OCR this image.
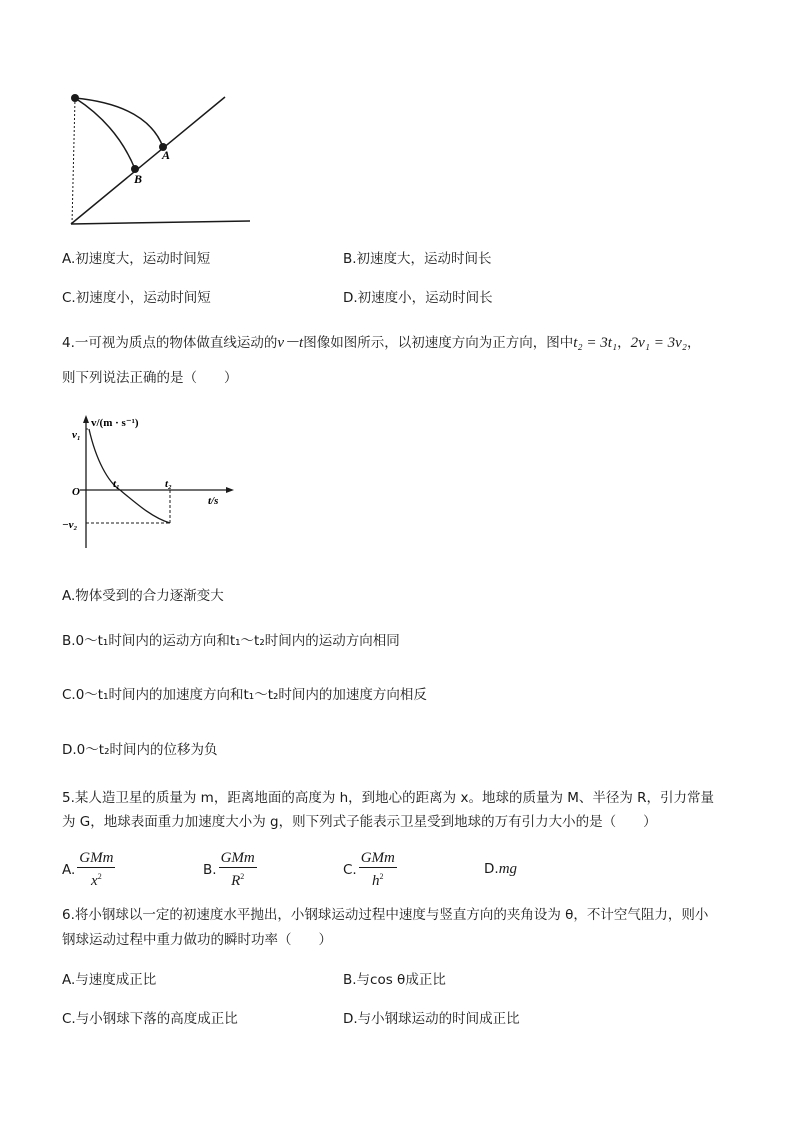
A
B
A.初速度大，运动时间短	B.初速度大，运动时间长
C.初速度小，运动时间短	D.初速度小，运动时间长
4.一可视为质点的物体做直线运动的v－t图像如图所示，以初速度方向为正方向，图中t₂ = 3t₁，2v₁ = 3v₂，
则下列说法正确的是（　　）
v/(m · s⁻¹)
v₁
O
t₁	t₂
t/s
−v₂
A.物体受到的合力逐渐变大
B.0～t₁时间内的运动方向和t₁～t₂时间内的运动方向相同
C.0～t₁时间内的加速度方向和t₁～t₂时间内的加速度方向相反
D.0～t₂时间内的位移为负
5.某人造卫星的质量为 m，距离地面的高度为 h，到地心的距离为 x。地球的质量为 M、半径为 R，引力常量
为 G，地球表面重力加速度大小为 g，则下列式子能表示卫星受到地球的万有引力大小的是（　　）
A. $\frac{\text{GMm}}{x^2}$	B. $\frac{\text{GMm}}{R^2}$	C. $\frac{\text{GMm}}{h^2}$	D.mg
6.将小钢球以一定的初速度水平抛出，小钢球运动过程中速度与竖直方向的夹角设为 θ，不计空气阻力，则小
钢球运动过程中重力做功的瞬时功率（　　）
A.与速度成正比	B.与cos θ成正比
C.与小钢球下落的高度成正比	D.与小钢球运动的时间成正比
